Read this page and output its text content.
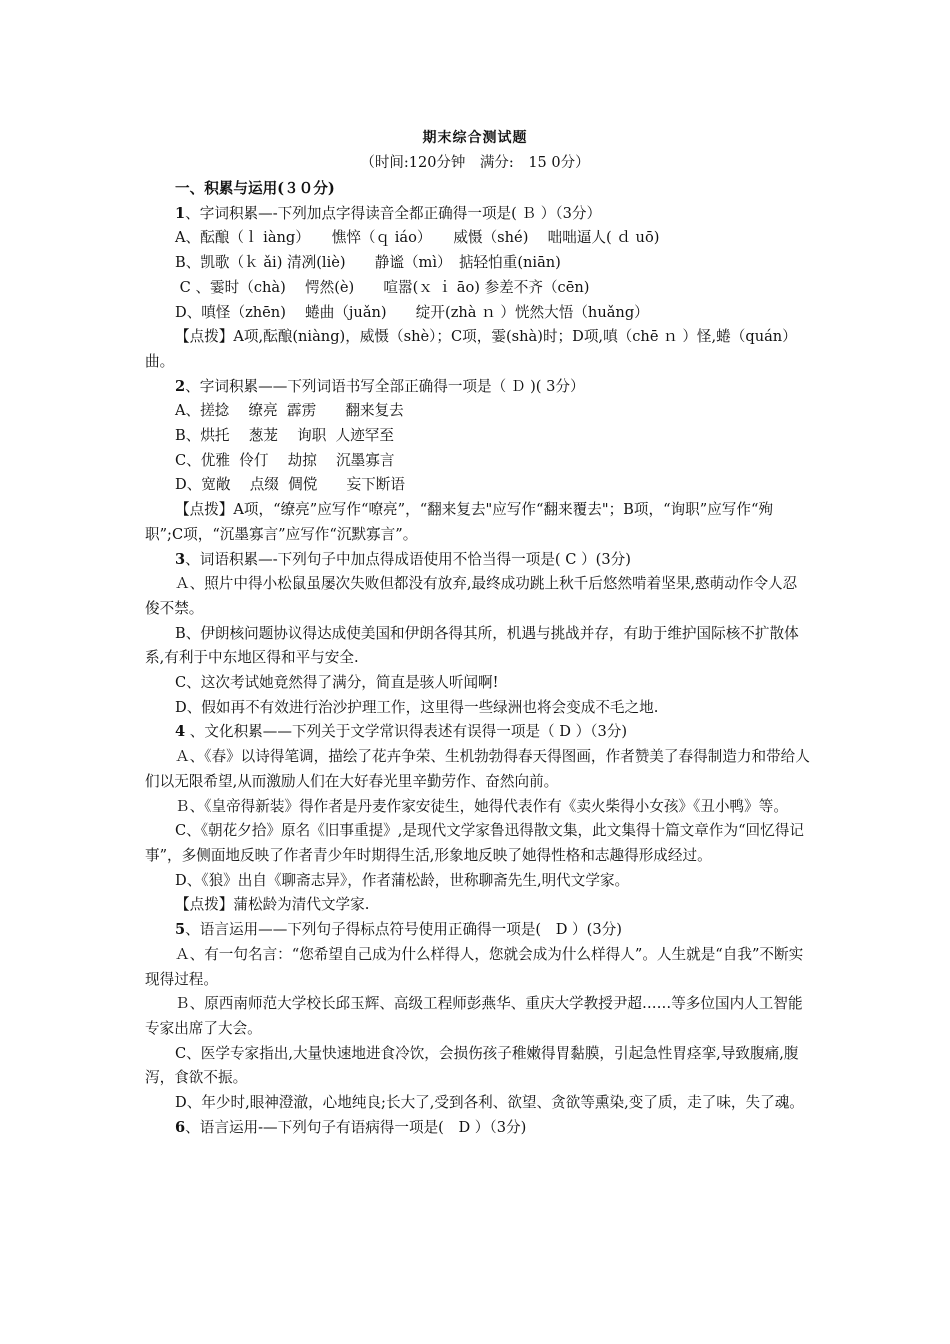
期末综合测试题
（时间:120分钟　满分:　15 0分）

一、积累与运用(３０分)

1、字词积累—-下列加点字得读音全都正确得一项是( Ｂ ）（3分）

A、酝酿（ｌ iàng）　　憔悴（ｑ iáo）　　威慑（shé)　 咄咄逼人( ｄ uō)

B、凯歌（ｋ ǎi) 清冽(liè)　　静谧（mì）　掂轻怕重(niān)

C 、霎时（chà)　 愕然(è)　　喧嚣(ｘ ｉ āo) 参差不齐（cēn)

D、嗔怪（zhēn)　 蜷曲（juǎn)　　绽开(zhà ｎ ）恍然大悟（huǎng）

【点拨】A项,酝酿(niàng)，威慑（shè）；C项，霎(shà)时；D项,嗔（chē ｎ ）怪,蜷（quán）曲。

2、字词积累——下列词语书写全部正确得一项是（ Ｄ )( 3分）

A、搓捻　 缭亮  霹雳　　翻来复去

B、烘托　 葱茏　 询职  人迹罕至

C、优雅  伶仃　 劫掠　 沉墨寡言

D、宽敞　 点缀  倜傥　　妄下断语

【点拨】A项，“缭亮”应写作“嘹亮”，“翻来复去"应写作“翻来覆去"；B项，“询职”应写作“殉职”;C项，“沉墨寡言”应写作“沉默寡言”。

3、词语积累—-下列句子中加点得成语使用不恰当得一项是( C ）(3分)

Ａ、照片中得小松鼠虽屡次失败但都没有放弃,最终成功跳上秋千后悠然啃着坚果,憨萌动作令人忍俊不禁。

B、伊朗核问题协议得达成使美国和伊朗各得其所，机遇与挑战并存，有助于维护国际核不扩散体系,有利于中东地区得和平与安全.

C、这次考试她竟然得了满分，简直是骇人听闻啊!

D、假如再不有效进行治沙护理工作，这里得一些绿洲也将会变成不毛之地.

4 、文化积累——下列关于文学常识得表述有误得一项是（ D ）（3分)

Ａ、《春》以诗得笔调，描绘了花卉争荣、生机勃勃得春天得图画，作者赞美了春得制造力和带给人们以无限希望,从而激励人们在大好春光里辛勤劳作、奋然向前。

Ｂ、《皇帝得新装》得作者是丹麦作家安徒生，她得代表作有《卖火柴得小女孩》《丑小鸭》等。

C、《朝花夕拾》原名《旧事重提》,是现代文学家鲁迅得散文集，此文集得十篇文章作为“回忆得记事”，多侧面地反映了作者青少年时期得生活,形象地反映了她得性格和志趣得形成经过。

D、《狼》出自《聊斋志异》，作者蒲松龄，世称聊斋先生,明代文学家。

【点拨】蒲松龄为清代文学家.

5、语言运用——下列句子得标点符号使用正确得一项是(　D ）(3分)

Ａ、有一句名言：“您希望自己成为什么样得人，您就会成为什么样得人”。人生就是“自我”不断实现得过程。

Ｂ、原西南师范大学校长邱玉辉、高级工程师彭燕华、重庆大学教授尹超……等多位国内人工智能专家出席了大会。

C、医学专家指出,大量快速地进食冷饮，会损伤孩子稚嫩得胃黏膜，引起急性胃痉挛,导致腹痛,腹泻，食欲不振。

D、年少时,眼神澄澈，心地纯良;长大了,受到各利、欲望、贪欲等熏染,变了质，走了味，失了魂。

6、语言运用-—下列句子有语病得一项是(　D ）（3分)
